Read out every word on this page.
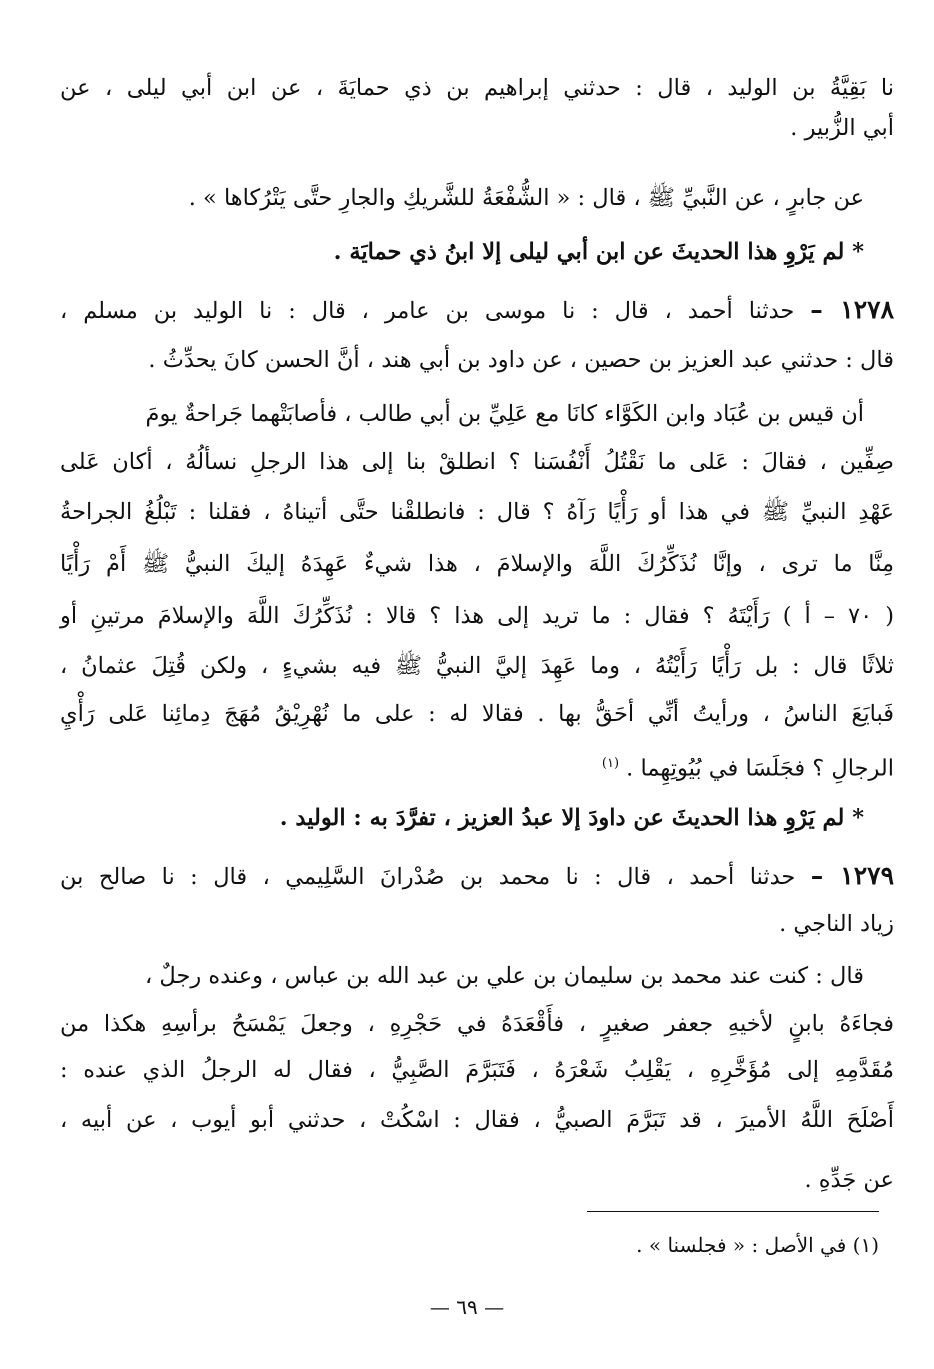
نا بَقِيَّةُ بن الوليد ، قال : حدثني إبراهيم بن ذي حمايَةَ ، عن ابن أبي ليلى ، عن
أبي الزُّبير .
عن جابرٍ ، عن النَّبيِّ ﷺ ، قال : « الشُّفْعَةُ للشَّريكِ والجارِ حتَّى يَتْرُكاها » .
* لم يَرْوِ هذا الحديثَ عن ابن أبي ليلى إلا ابنُ ذي حمايَة .
١٢٧٨ – حدثنا أحمد ، قال : نا موسى بن عامر ، قال : نا الوليد بن مسلم ،
قال : حدثني عبد العزيز بن حصين ، عن داود بن أبي هند ، أنَّ الحسن كانَ يحدِّثُ .
أن قيس بن عُبَاد وابن الكَوَّاء كانَا مع عَلِيِّ بن أبي طالب ، فأصابَتْهما جَراحةٌ يومَ
صِفِّين ، فقالَ : عَلى ما نَقْتُلُ أَنْفُسَنا ؟ انطلقْ بنا إلى هذا الرجلِ نسألُهُ ، أكان عَلى
عَهْدِ النبيِّ ﷺ في هذا أو رَأْيًا رَآهُ ؟ قال : فانطلقْنا حتَّى أتيناهُ ، فقلنا : تَبْلُغُ الجراحةُ
مِنَّا ما ترى ، وإنَّا نُذَكِّرُكَ اللَّهَ والإسلامَ ، هذا شيءٌ عَهِدَهُ إليكَ النبيُّ ﷺ أَمْ رَأْيًا
( ٧٠ – أ ) رَأَيْتَهُ ؟ فقال : ما تريد إلى هذا ؟ قالا : نُذَكِّرُكَ اللَّهَ والإسلامَ مرتينِ أو
ثلاثًا قال : بل رَأْيًا رَأَيْتُهُ ، وما عَهِدَ إليَّ النبيُّ ﷺ فيه بشيءٍ ، ولكن قُتِلَ عثمانُ ،
فَبايَعَ الناسُ ، ورأيتُ أنِّي أحَقُّ بها . فقالا له : على ما نُهْرِيْقُ مُهَجَ دِمائِنا عَلى رَأْيِ
الرجالِ ؟ فجَلَسَا في بُيُوتِهِما . $^{(١)}$
* لم يَرْوِ هذا الحديثَ عن داودَ إلا عبدُ العزيز ، تفرَّدَ به : الوليد .
١٢٧٩ – حدثنا أحمد ، قال : نا محمد بن صُدْرانَ السَّلِيمي ، قال : نا صالح بن
زياد الناجي .
قال : كنت عند محمد بن سليمان بن علي بن عبد الله بن عباس ، وعنده رجلٌ ،
فجاءَهُ بابنٍ لأخيهِ جعفر صغيرٍ ، فأَقْعَدَهُ في حَجْرِهِ ، وجعلَ يَمْسَحُ برأسِهِ هكذا من
مُقَدَّمِهِ إلى مُؤَخَّرِهِ ، يَقْلِبُ شَعْرَهُ ، فَتَبَرَّمَ الصَّبِيُّ ، فقال له الرجلُ الذي عنده :
أَصْلَحَ اللَّهُ الأميرَ ، قد تَبَرَّمَ الصبيُّ ، فقال : اسْكُتْ ، حدثني أبو أيوب ، عن أبيه ،
عن جَدِّهِ .
(١) في الأصل : « فجلسنا » .
— ٦٩ —
